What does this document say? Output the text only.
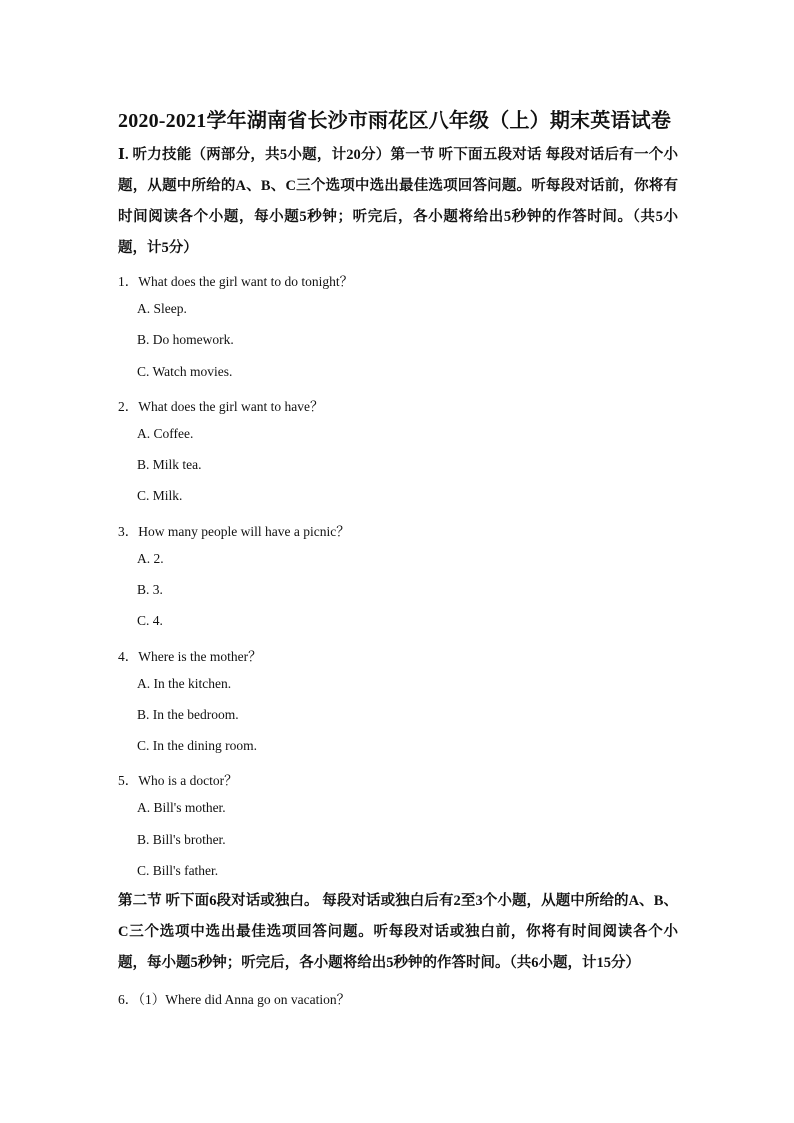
2020-2021学年湖南省长沙市雨花区八年级（上）期末英语试卷
Ⅰ. 听力技能（两部分，共5小题，计20分）第一节 听下面五段对话 每段对话后有一个小题，从题中所给的A、B、C三个选项中选出最佳选项回答问题。听每段对话前，你将有时间阅读各个小题，每小题5秒钟；听完后，各小题将给出5秒钟的作答时间。（共5小题，计5分）
1．What does the girl want to do tonight？
A. Sleep.
B. Do homework.
C. Watch movies.
2．What does the girl want to have？
A. Coffee.
B. Milk tea.
C. Milk.
3．How many people will have a picnic？
A. 2.
B. 3.
C. 4.
4．Where is the mother？
A. In the kitchen.
B. In the bedroom.
C. In the dining room.
5．Who is a doctor？
A. Bill's mother.
B. Bill's brother.
C. Bill's father.
第二节 听下面6段对话或独白。 每段对话或独白后有2至3个小题，从题中所给的A、B、C三个选项中选出最佳选项回答问题。听每段对话或独白前，你将有时间阅读各个小题，每小题5秒钟；听完后，各小题将给出5秒钟的作答时间。（共6小题，计15分）
6．（1）Where did Anna go on vacation？
